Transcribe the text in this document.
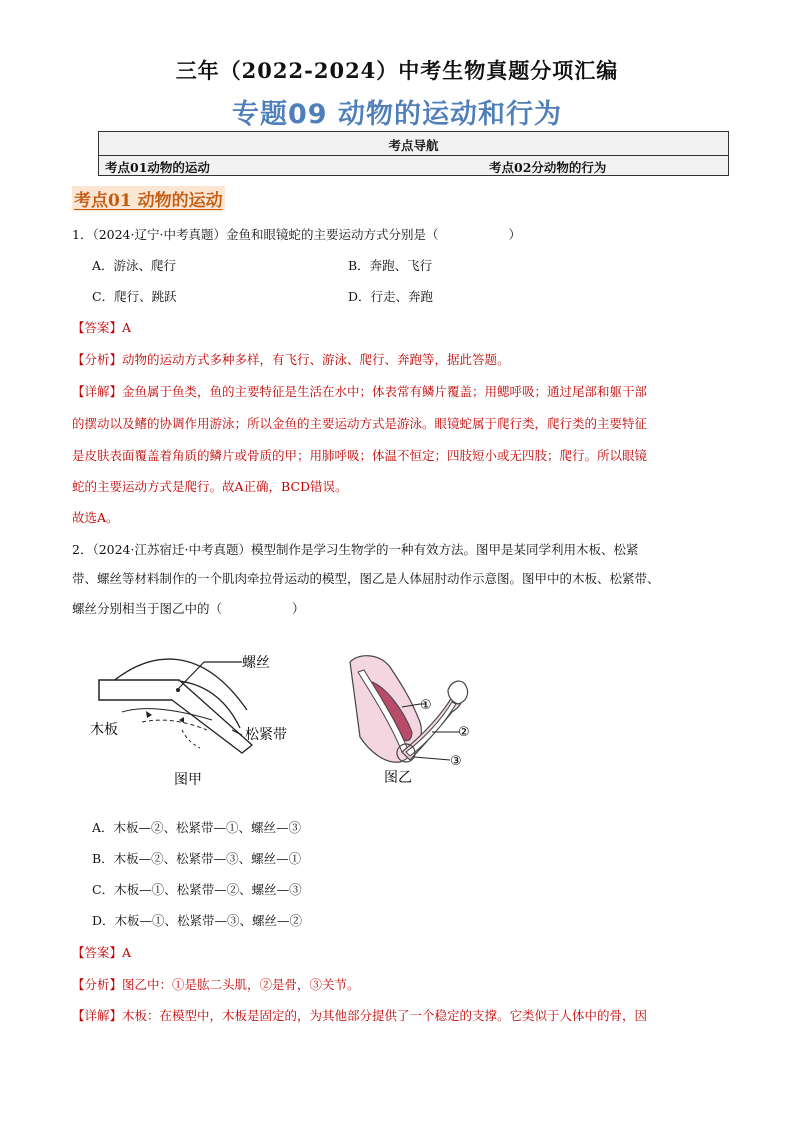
三年（2022-2024）中考生物真题分项汇编
专题09 动物的运动和行为
考点导航
考点01动物的运动	考点02分动物的行为
考点01 动物的运动
1．（2024·辽宁·中考真题）金鱼和眼镜蛇的主要运动方式分别是（	）
A．游泳、爬行	B．奔跑、飞行
C．爬行、跳跃	D．行走、奔跑
【答案】A
【分析】动物的运动方式多种多样，有飞行、游泳、爬行、奔跑等，据此答题。
【详解】金鱼属于鱼类，鱼的主要特征是生活在水中；体表常有鳞片覆盖；用鳃呼吸；通过尾部和躯干部
的摆动以及鳍的协调作用游泳；所以金鱼的主要运动方式是游泳。眼镜蛇属于爬行类，爬行类的主要特征
是皮肤表面覆盖着角质的鳞片或骨质的甲；用肺呼吸；体温不恒定；四肢短小或无四肢；爬行。所以眼镜
蛇的主要运动方式是爬行。故A正确，BCD错误。
故选A。
2．（2024·江苏宿迁·中考真题）模型制作是学习生物学的一种有效方法。图甲是某同学利用木板、松紧
带、螺丝等材料制作的一个肌肉牵拉骨运动的模型，图乙是人体屈肘动作示意图。图甲中的木板、松紧带、
螺丝分别相当于图乙中的（	）
螺丝
木板	松紧带
图甲
①
②
③
图乙
A．木板—②、松紧带—①、螺丝—③
B．木板—②、松紧带—③、螺丝—①
C．木板—①、松紧带—②、螺丝—③
D．木板—①、松紧带—③、螺丝—②
【答案】A
【分析】图乙中：①是肱二头肌，②是骨，③关节。
【详解】木板：在模型中，木板是固定的，为其他部分提供了一个稳定的支撑。它类似于人体中的骨，因
